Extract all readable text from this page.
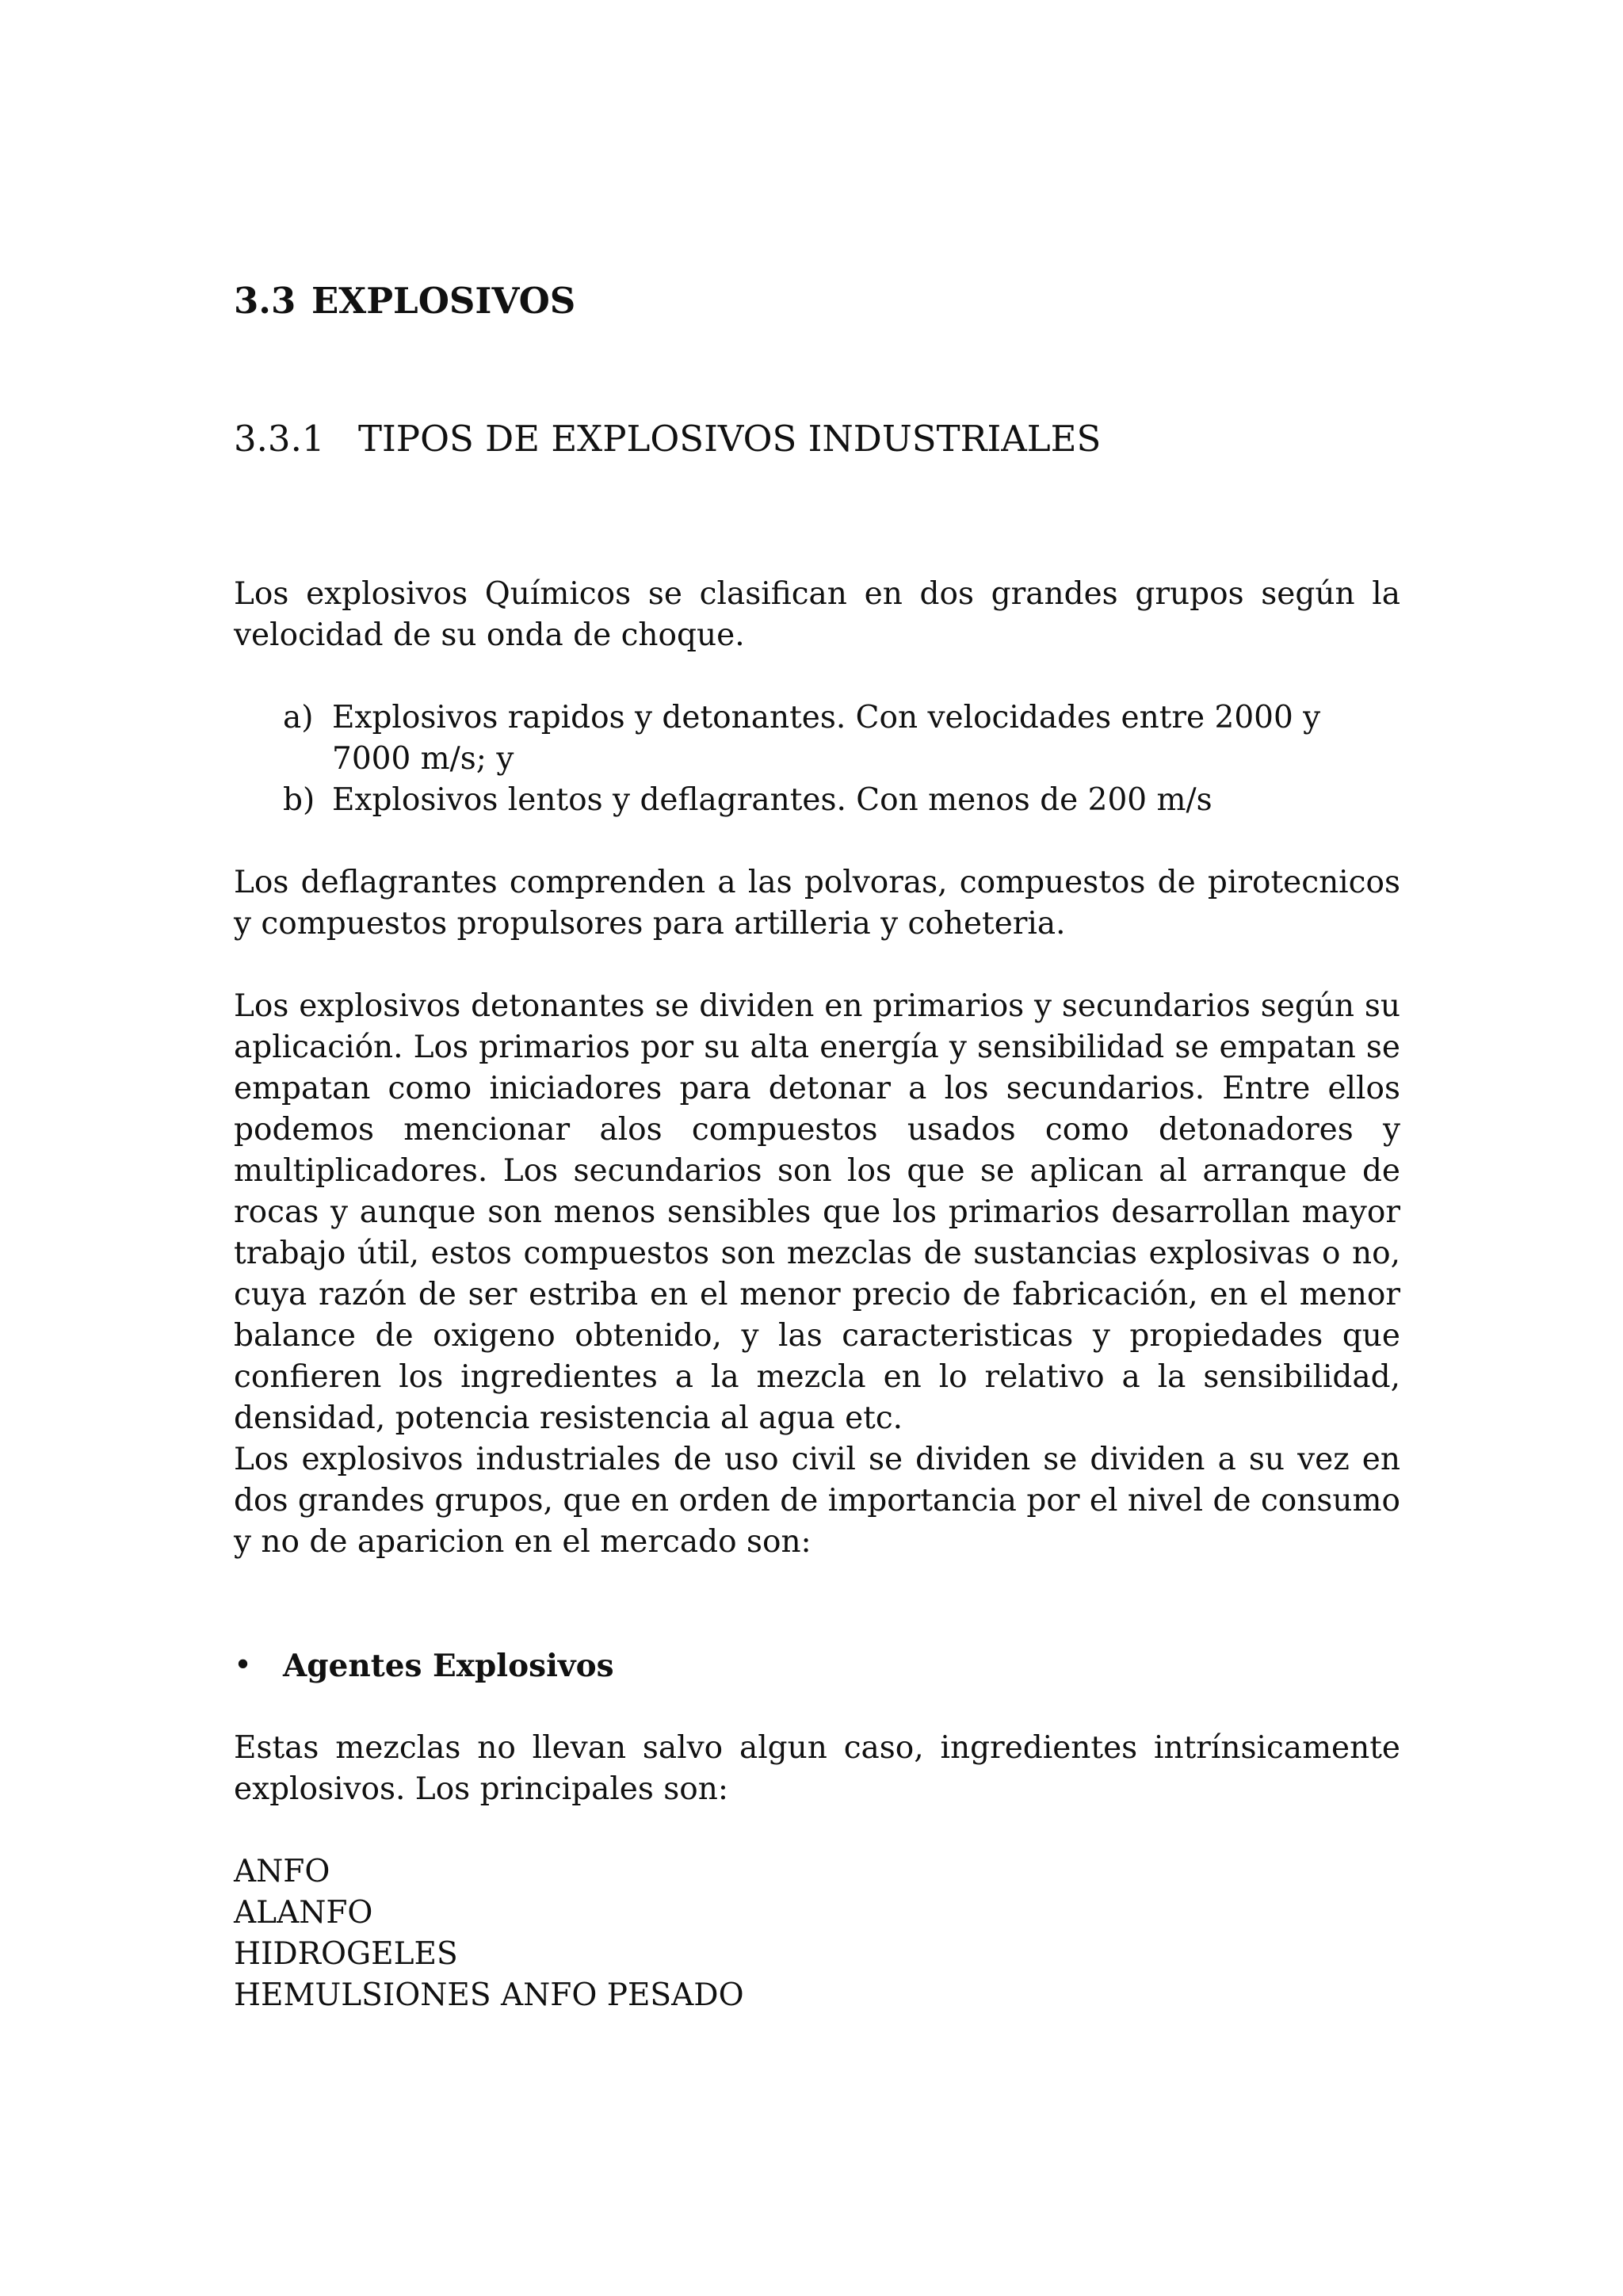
3.3 EXPLOSIVOS
3.3.1 TIPOS DE EXPLOSIVOS INDUSTRIALES

Los explosivos Químicos se clasifican en dos grandes grupos según la velocidad de su onda de choque.

a) Explosivos rapidos y detonantes. Con velocidades entre 2000 y 7000 m/s; y
b) Explosivos lentos y deflagrantes. Con menos de 200 m/s

Los deflagrantes comprenden a las polvoras, compuestos de pirotecnicos y compuestos propulsores para artilleria y coheteria.

Los explosivos detonantes se dividen en primarios y secundarios según su aplicación. Los primarios por su alta energía y sensibilidad se empatan se empatan como iniciadores para detonar a los secundarios. Entre ellos podemos mencionar alos compuestos usados como detonadores y multiplicadores. Los secundarios son los que se aplican al arranque de rocas y aunque son menos sensibles que los primarios desarrollan mayor trabajo útil, estos compuestos son mezclas de sustancias explosivas o no, cuya razón de ser estriba en el menor precio de fabricación, en el menor balance de oxigeno obtenido, y las caracteristicas y propiedades que confieren los ingredientes a la mezcla en lo relativo a la sensibilidad, densidad, potencia resistencia al agua etc.

Los explosivos industriales de uso civil se dividen se dividen a su vez en dos grandes grupos, que en orden de importancia por el nivel de consumo y no de aparicion en el mercado son:

• Agentes Explosivos

Estas mezclas no llevan salvo algun caso, ingredientes intrínsicamente explosivos. Los principales son:

ANFO
ALANFO
HIDROGELES
HEMULSIONES ANFO PESADO
